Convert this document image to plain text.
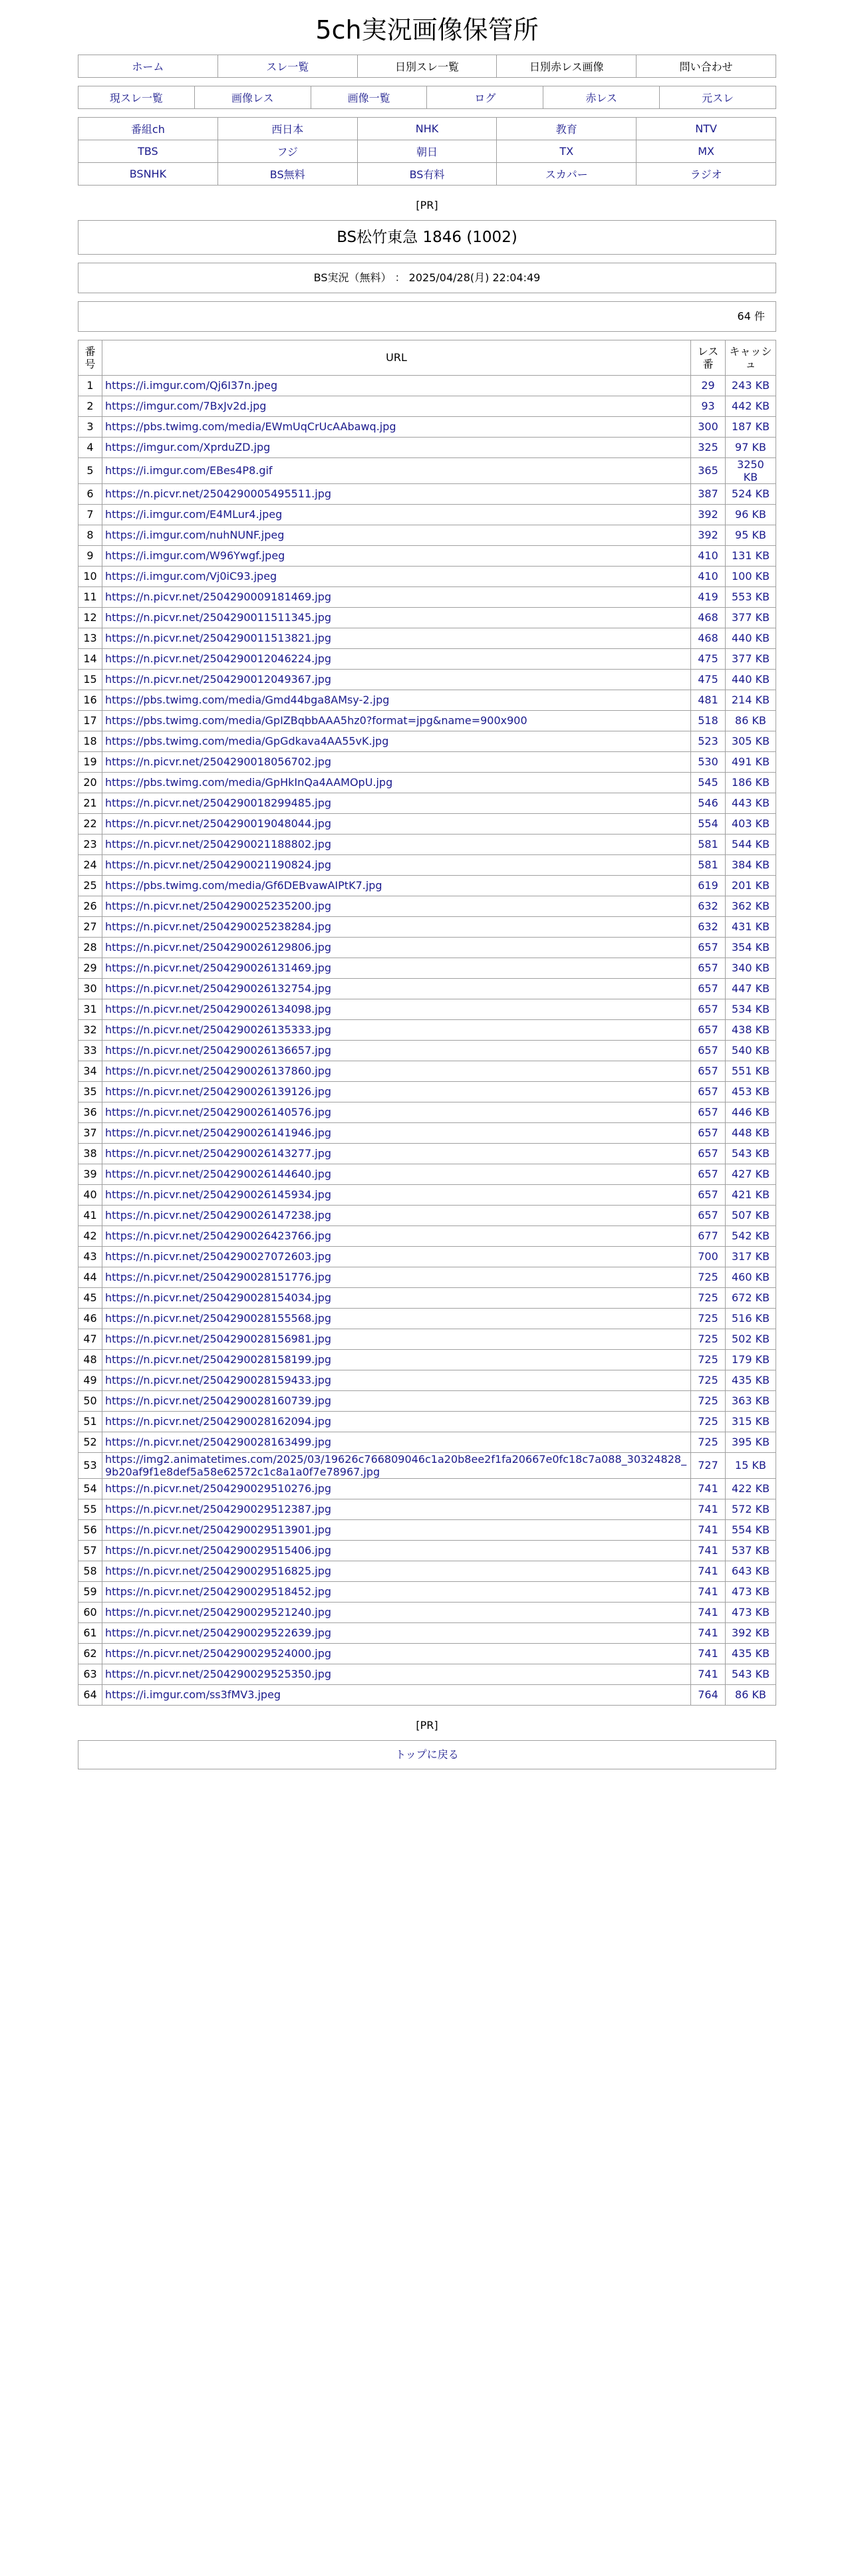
5ch実況画像保管所
ホーム	スレ一覧	日別スレ一覧	日別赤レス画像	問い合わせ
現スレ一覧	画像レス	画像一覧	ログ	赤レス	元スレ
番組ch	西日本	NHK	教育	NTV
TBS	フジ	朝日	TX	MX
BSNHK	BS無料	BS有料	スカパー	ラジオ
[PR]
BS松竹東急 1846 (1002)
BS実況（無料） ： 2025/04/28(月) 22:04:49
64 件
番号	URL	レス番	キャッシュ
1	https://i.imgur.com/Qj6I37n.jpeg	29	243 KB
2	https://imgur.com/7BxJv2d.jpg	93	442 KB
3	https://pbs.twimg.com/media/EWmUqCrUcAAbawq.jpg	300	187 KB
4	https://imgur.com/XprduZD.jpg	325	97 KB
5	https://i.imgur.com/EBes4P8.gif	365	3250 KB
6	https://n.picvr.net/2504290005495511.jpg	387	524 KB
7	https://i.imgur.com/E4MLur4.jpeg	392	96 KB
8	https://i.imgur.com/nuhNUNF.jpeg	392	95 KB
9	https://i.imgur.com/W96Ywgf.jpeg	410	131 KB
10	https://i.imgur.com/Vj0iC93.jpeg	410	100 KB
11	https://n.picvr.net/2504290009181469.jpg	419	553 KB
12	https://n.picvr.net/2504290011511345.jpg	468	377 KB
13	https://n.picvr.net/2504290011513821.jpg	468	440 KB
14	https://n.picvr.net/2504290012046224.jpg	475	377 KB
15	https://n.picvr.net/2504290012049367.jpg	475	440 KB
16	https://pbs.twimg.com/media/Gmd44bga8AMsy-2.jpg	481	214 KB
17	https://pbs.twimg.com/media/GpIZBqbbAAA5hz0?format=jpg&name=900x900	518	86 KB
18	https://pbs.twimg.com/media/GpGdkava4AA55vK.jpg	523	305 KB
19	https://n.picvr.net/2504290018056702.jpg	530	491 KB
20	https://pbs.twimg.com/media/GpHkInQa4AAMOpU.jpg	545	186 KB
21	https://n.picvr.net/2504290018299485.jpg	546	443 KB
22	https://n.picvr.net/2504290019048044.jpg	554	403 KB
23	https://n.picvr.net/2504290021188802.jpg	581	544 KB
24	https://n.picvr.net/2504290021190824.jpg	581	384 KB
25	https://pbs.twimg.com/media/Gf6DEBvawAIPtK7.jpg	619	201 KB
26	https://n.picvr.net/2504290025235200.jpg	632	362 KB
27	https://n.picvr.net/2504290025238284.jpg	632	431 KB
28	https://n.picvr.net/2504290026129806.jpg	657	354 KB
29	https://n.picvr.net/2504290026131469.jpg	657	340 KB
30	https://n.picvr.net/2504290026132754.jpg	657	447 KB
31	https://n.picvr.net/2504290026134098.jpg	657	534 KB
32	https://n.picvr.net/2504290026135333.jpg	657	438 KB
33	https://n.picvr.net/2504290026136657.jpg	657	540 KB
34	https://n.picvr.net/2504290026137860.jpg	657	551 KB
35	https://n.picvr.net/2504290026139126.jpg	657	453 KB
36	https://n.picvr.net/2504290026140576.jpg	657	446 KB
37	https://n.picvr.net/2504290026141946.jpg	657	448 KB
38	https://n.picvr.net/2504290026143277.jpg	657	543 KB
39	https://n.picvr.net/2504290026144640.jpg	657	427 KB
40	https://n.picvr.net/2504290026145934.jpg	657	421 KB
41	https://n.picvr.net/2504290026147238.jpg	657	507 KB
42	https://n.picvr.net/2504290026423766.jpg	677	542 KB
43	https://n.picvr.net/2504290027072603.jpg	700	317 KB
44	https://n.picvr.net/2504290028151776.jpg	725	460 KB
45	https://n.picvr.net/2504290028154034.jpg	725	672 KB
46	https://n.picvr.net/2504290028155568.jpg	725	516 KB
47	https://n.picvr.net/2504290028156981.jpg	725	502 KB
48	https://n.picvr.net/2504290028158199.jpg	725	179 KB
49	https://n.picvr.net/2504290028159433.jpg	725	435 KB
50	https://n.picvr.net/2504290028160739.jpg	725	363 KB
51	https://n.picvr.net/2504290028162094.jpg	725	315 KB
52	https://n.picvr.net/2504290028163499.jpg	725	395 KB
53	https://img2.animatetimes.com/2025/03/19626c766809046c1a20b8ee2f1fa20667e0fc18c7a088_30324828_9b20af9f1e8def5a58e62572c1c8a1a0f7e78967.jpg	727	15 KB
54	https://n.picvr.net/2504290029510276.jpg	741	422 KB
55	https://n.picvr.net/2504290029512387.jpg	741	572 KB
56	https://n.picvr.net/2504290029513901.jpg	741	554 KB
57	https://n.picvr.net/2504290029515406.jpg	741	537 KB
58	https://n.picvr.net/2504290029516825.jpg	741	643 KB
59	https://n.picvr.net/2504290029518452.jpg	741	473 KB
60	https://n.picvr.net/2504290029521240.jpg	741	473 KB
61	https://n.picvr.net/2504290029522639.jpg	741	392 KB
62	https://n.picvr.net/2504290029524000.jpg	741	435 KB
63	https://n.picvr.net/2504290029525350.jpg	741	543 KB
64	https://i.imgur.com/ss3fMV3.jpeg	764	86 KB
[PR]
トップに戻る
